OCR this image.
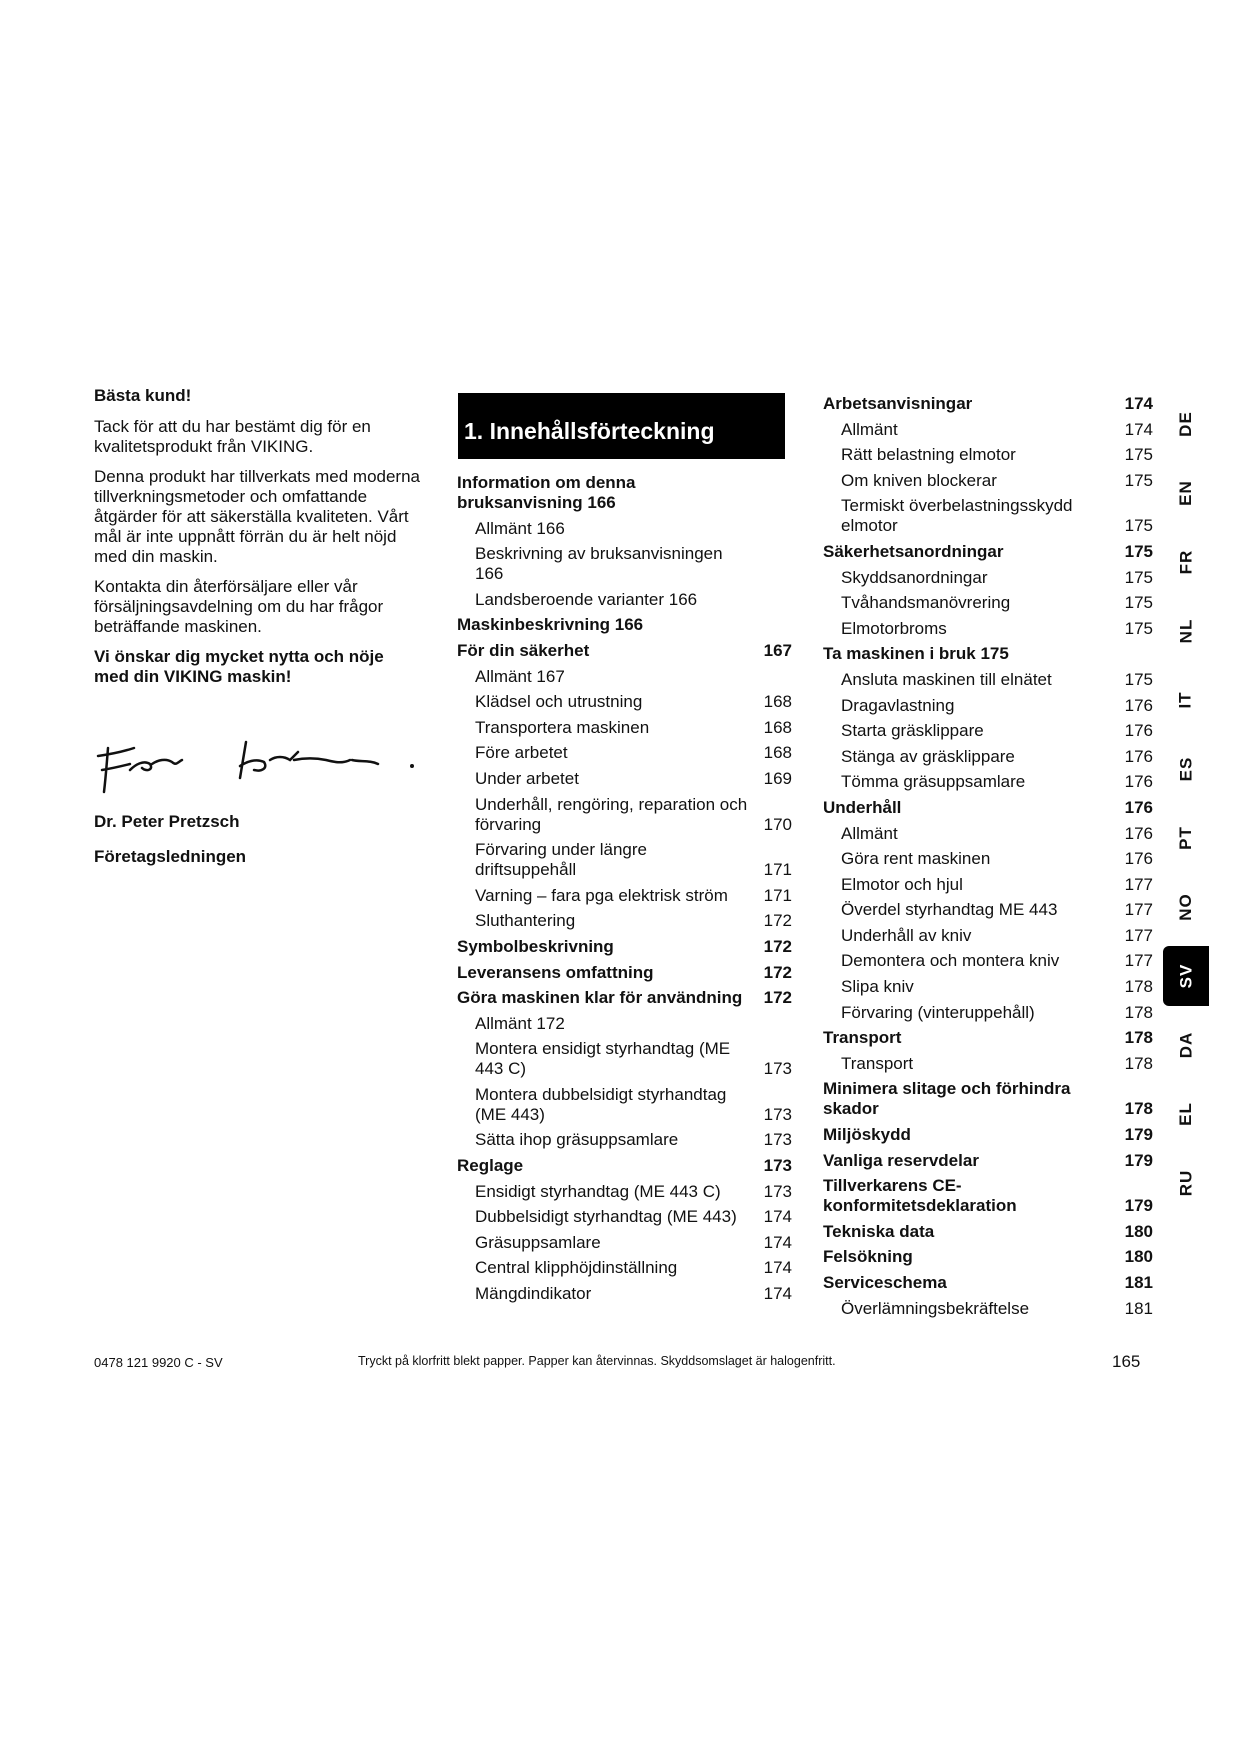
Bästa kund!

Tack för att du har bestämt dig för en kvalitetsprodukt från VIKING.

Denna produkt har tillverkats med moderna tillverkningsmetoder och omfattande åtgärder för att säkerställa kvaliteten. Vårt mål är inte uppnått förrän du är helt nöjd med din maskin.

Kontakta din återförsäljare eller vår försäljningsavdelning om du har frågor beträffande maskinen.

Vi önskar dig mycket nytta och nöje med din VIKING maskin!

Dr. Peter Pretzsch
Företagsledningen
1. Innehållsförteckning
Information om denna bruksanvisning 166
Allmänt 166
Beskrivning av bruksanvisningen 166
Landsberoende varianter 166
Maskinbeskrivning 166
För din säkerhet	167
Allmänt 167
Klädsel och utrustning	168
Transportera maskinen	168
Före arbetet	168
Under arbetet	169
Underhåll, rengöring, reparation och förvaring	170
Förvaring under längre driftsuppehåll	171
Varning – fara pga elektrisk ström	171
Sluthantering	172
Symbolbeskrivning	172
Leveransens omfattning	172
Göra maskinen klar för användning	172
Allmänt 172
Montera ensidigt styrhandtag (ME 443 C)	173
Montera dubbelsidigt styrhandtag (ME 443)	173
Sätta ihop gräsuppsamlare	173
Reglage	173
Ensidigt styrhandtag (ME 443 C)	173
Dubbelsidigt styrhandtag (ME 443)	174
Gräsuppsamlare	174
Central klipphöjdinställning	174
Mängdindikator	174
Arbetsanvisningar	174
Allmänt	174
Rätt belastning elmotor	175
Om kniven blockerar	175
Termiskt överbelastningsskydd elmotor	175
Säkerhetsanordningar	175
Skyddsanordningar	175
Tvåhandsmanövrering	175
Elmotorbroms	175
Ta maskinen i bruk 175
Ansluta maskinen till elnätet	175
Dragavlastning	176
Starta gräsklippare	176
Stänga av gräsklippare	176
Tömma gräsuppsamlare	176
Underhåll	176
Allmänt	176
Göra rent maskinen	176
Elmotor och hjul	177
Överdel styrhandtag ME 443	177
Underhåll av kniv	177
Demontera och montera kniv	177
Slipa kniv	178
Förvaring (vinteruppehåll)	178
Transport	178
Transport	178
Minimera slitage och förhindra skador	178
Miljöskydd	179
Vanliga reservdelar	179
Tillverkarens CE-konformitetsdeklaration	179
Tekniska data	180
Felsökning	180
Serviceschema	181
Överlämningsbekräftelse	181
DE
EN
FR
NL
IT
ES
PT
NO
SV
DA
EL
RU
0478 121 9920 C - SV	Tryckt på klorfritt blekt papper. Papper kan återvinnas. Skyddsomslaget är halogenfritt.	165
